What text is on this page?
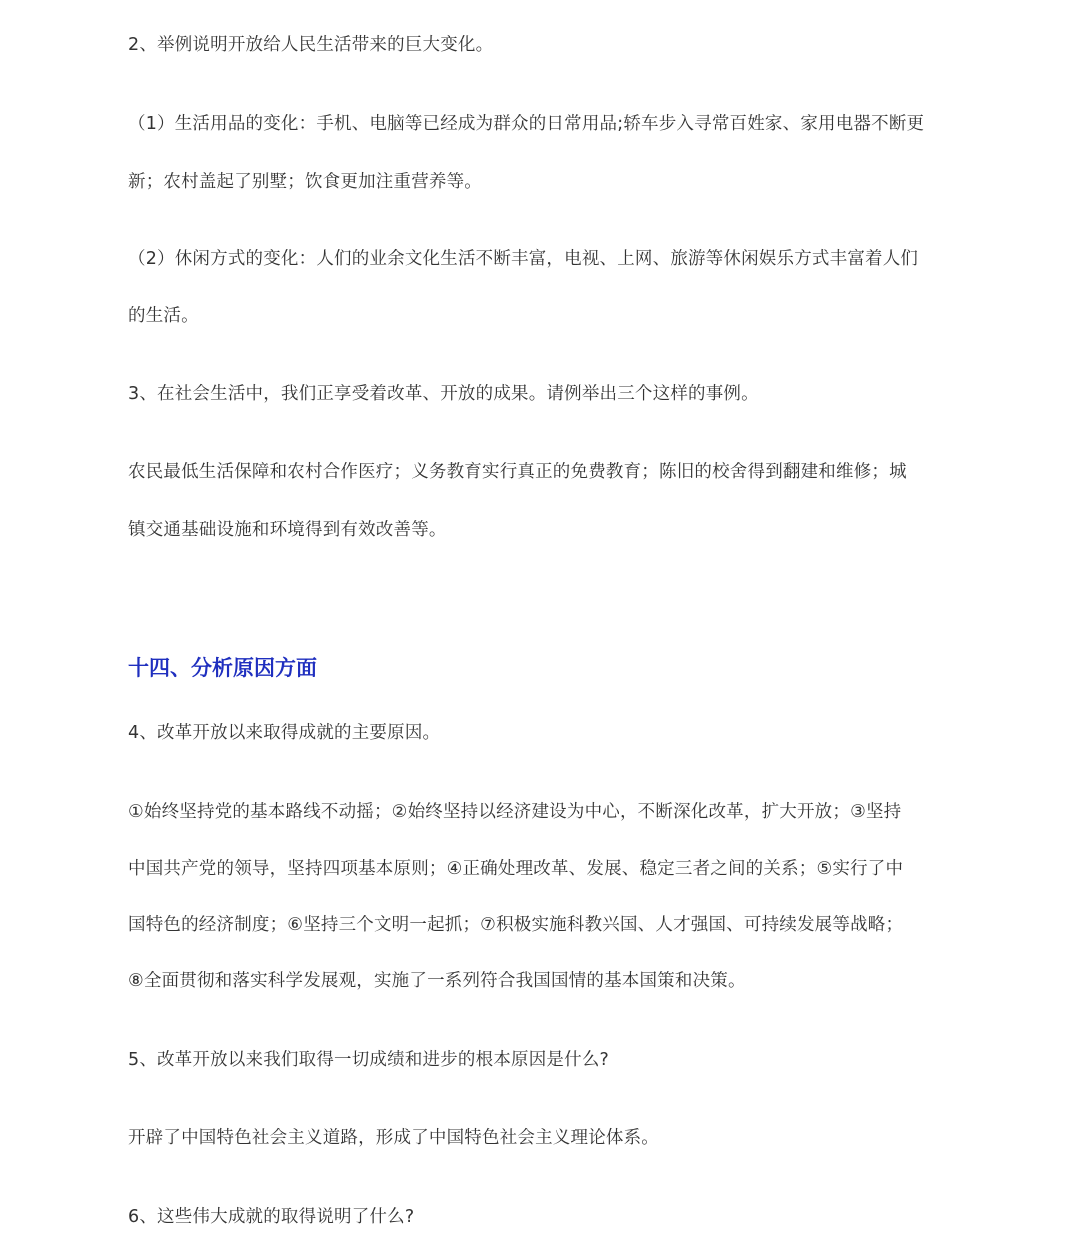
2、举例说明开放给人民生活带来的巨大变化。
（1）生活用品的变化：手机、电脑等已经成为群众的日常用品;轿车步入寻常百姓家、家用电器不断更
新；农村盖起了别墅；饮食更加注重营养等。
（2）休闲方式的变化：人们的业余文化生活不断丰富，电视、上网、旅游等休闲娱乐方式丰富着人们
的生活。
3、在社会生活中，我们正享受着改革、开放的成果。请例举出三个这样的事例。
农民最低生活保障和农村合作医疗；义务教育实行真正的免费教育；陈旧的校舍得到翻建和维修；城
镇交通基础设施和环境得到有效改善等。
十四、分析原因方面
4、改革开放以来取得成就的主要原因。
①始终坚持党的基本路线不动摇；②始终坚持以经济建设为中心，不断深化改革，扩大开放；③坚持
中国共产党的领导，坚持四项基本原则；④正确处理改革、发展、稳定三者之间的关系；⑤实行了中
国特色的经济制度；⑥坚持三个文明一起抓；⑦积极实施科教兴国、人才强国、可持续发展等战略；
⑧全面贯彻和落实科学发展观，实施了一系列符合我国国情的基本国策和决策。
5、改革开放以来我们取得一切成绩和进步的根本原因是什么?
开辟了中国特色社会主义道路，形成了中国特色社会主义理论体系。
6、这些伟大成就的取得说明了什么?
